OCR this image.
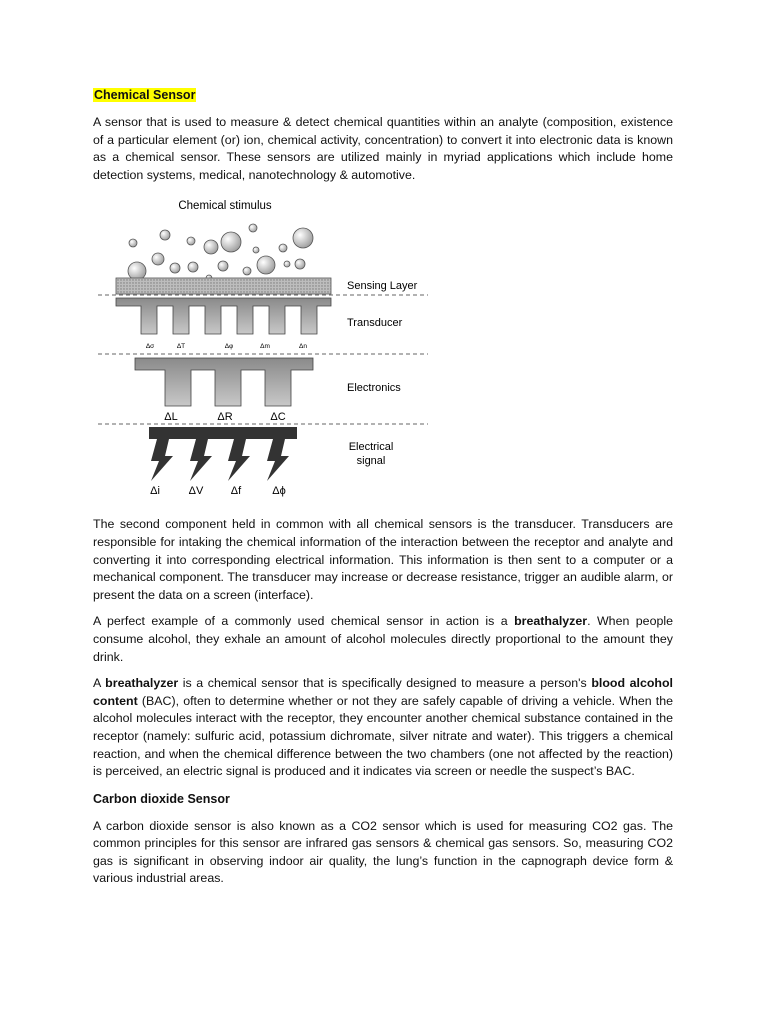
Chemical Sensor

A sensor that is used to measure & detect chemical quantities within an analyte (composition, existence of a particular element (or) ion, chemical activity, concentration) to convert it into electronic data is known as a chemical sensor. These sensors are utilized mainly in myriad applications which include home detection systems, medical, nanotechnology & automotive.

Chemical stimulus
Sensing Layer
Transducer
Δσ	ΔT	Δφ	Δm	Δn
Electronics
ΔL	ΔR	ΔC
Electrical
signal
Δi	ΔV Δf	Δϕ

The second component held in common with all chemical sensors is the transducer. Transducers are responsible for intaking the chemical information of the interaction between the receptor and analyte and converting it into corresponding electrical information. This information is then sent to a computer or a mechanical component. The transducer may increase or decrease resistance, trigger an audible alarm, or present the data on a screen (interface).

A perfect example of a commonly used chemical sensor in action is a breathalyzer. When people consume alcohol, they exhale an amount of alcohol molecules directly proportional to the amount they drink.

A breathalyzer is a chemical sensor that is specifically designed to measure a person's blood alcohol content (BAC), often to determine whether or not they are safely capable of driving a vehicle. When the alcohol molecules interact with the receptor, they encounter another chemical substance contained in the receptor (namely: sulfuric acid, potassium dichromate, silver nitrate and water). This triggers a chemical reaction, and when the chemical difference between the two chambers (one not affected by the reaction) is perceived, an electric signal is produced and it indicates via screen or needle the suspect’s BAC.

Carbon dioxide Sensor

A carbon dioxide sensor is also known as a CO2 sensor which is used for measuring CO2 gas. The common principles for this sensor are infrared gas sensors & chemical gas sensors. So, measuring CO2 gas is significant in observing indoor air quality, the lung’s function in the capnograph device form & various industrial areas.
